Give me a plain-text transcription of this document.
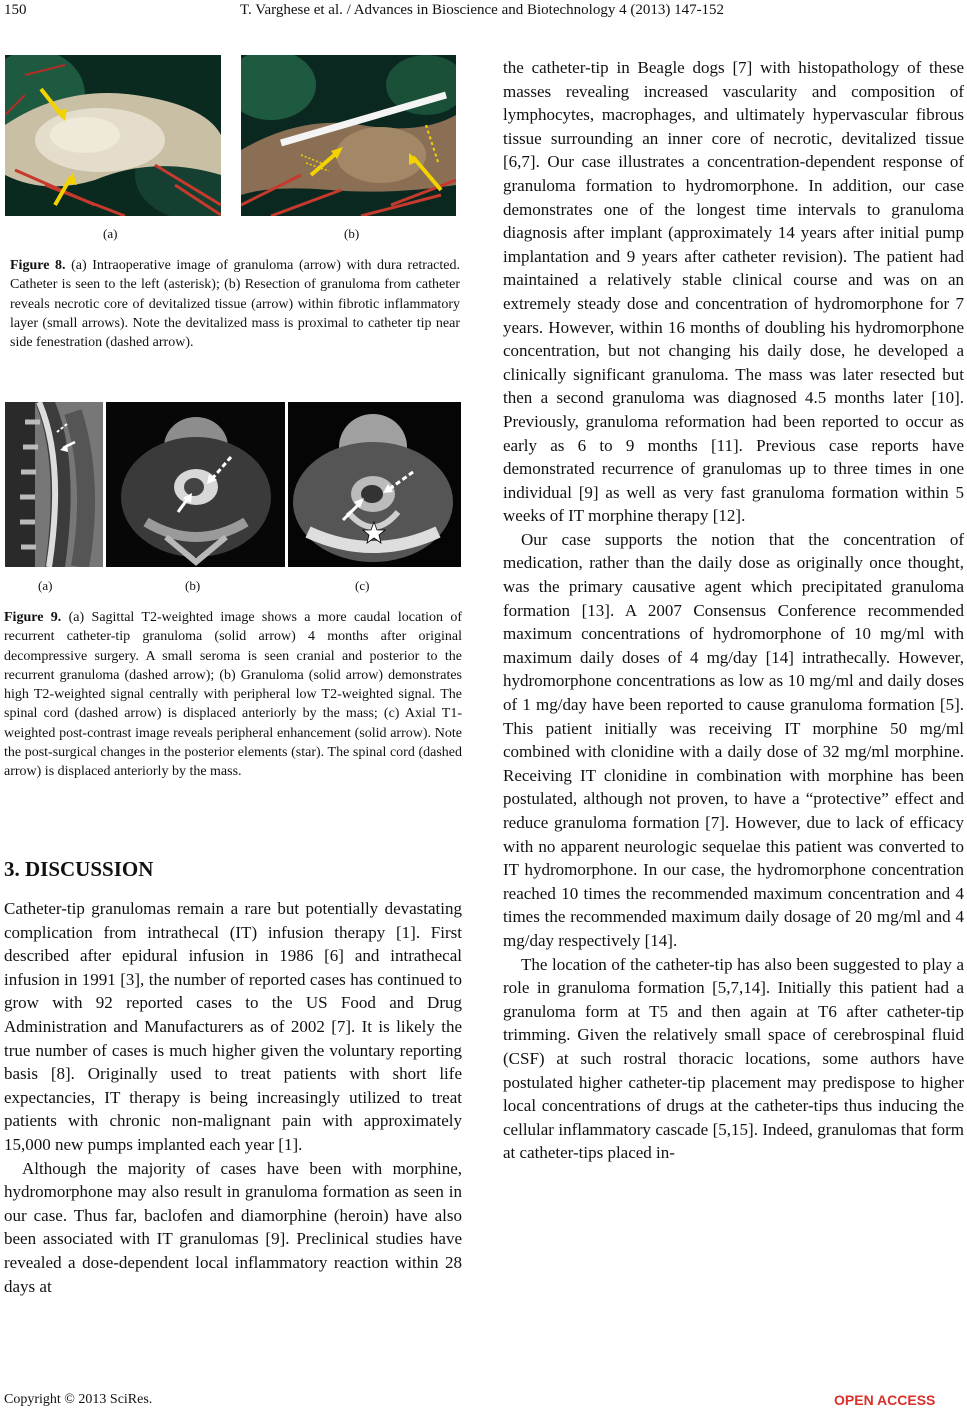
150	T. Varghese et al. / Advances in Bioscience and Biotechnology 4 (2013) 147-152
(a)	(b)
Figure 8. (a) Intraoperative image of granuloma (arrow) with dura retracted. Catheter is seen to the left (asterisk); (b) Resection of granuloma from catheter reveals necrotic core of devitalized tissue (arrow) within fibrotic inflammatory layer (small arrows). Note the devitalized mass is proximal to catheter tip near side fenestration (dashed arrow).
(a)	(b)	(c)
Figure 9. (a) Sagittal T2-weighted image shows a more caudal location of recurrent catheter-tip granuloma (solid arrow) 4 months after original decompressive surgery. A small seroma is seen cranial and posterior to the recurrent granuloma (dashed arrow); (b) Granuloma (solid arrow) demonstrates high T2-weighted signal centrally with peripheral low T2-weighted signal. The spinal cord (dashed arrow) is displaced anteriorly by the mass; (c) Axial T1-weighted post-contrast image reveals peripheral enhancement (solid arrow). Note the post-surgical changes in the posterior elements (star). The spinal cord (dashed arrow) is displaced anteriorly by the mass.
3. DISCUSSION

Catheter-tip granulomas remain a rare but potentially devastating complication from intrathecal (IT) infusion therapy [1]. First described after epidural infusion in 1986 [6] and intrathecal infusion in 1991 [3], the number of reported cases has continued to grow with 92 reported cases to the US Food and Drug Administration and Manufacturers as of 2002 [7]. It is likely the true number of cases is much higher given the voluntary reporting basis [8]. Originally used to treat patients with short life expectancies, IT therapy is being increasingly utilized to treat patients with chronic non-malignant pain with approximately 15,000 new pumps implanted each year [1].

Although the majority of cases have been with morphine, hydromorphone may also result in granuloma formation as seen in our case. Thus far, baclofen and diamorphine (heroin) have also been associated with IT granulomas [9]. Preclinical studies have revealed a dose-dependent local inflammatory reaction within 28 days at

the catheter-tip in Beagle dogs [7] with histopathology of these masses revealing increased vascularity and composition of lymphocytes, macrophages, and ultimately hypervascular fibrous tissue surrounding an inner core of necrotic, devitalized tissue [6,7]. Our case illustrates a concentration-dependent response of granuloma formation to hydromorphone. In addition, our case demonstrates one of the longest time intervals to granuloma diagnosis after implant (approximately 14 years after initial pump implantation and 9 years after catheter revision). The patient had maintained a relatively stable clinical course and was on an extremely steady dose and concentration of hydromorphone for 7 years. However, within 16 months of doubling his hydromorphone concentration, but not changing his daily dose, he developed a clinically significant granuloma. The mass was later resected but then a second granuloma was diagnosed 4.5 months later [10]. Previously, granuloma reformation had been reported to occur as early as 6 to 9 months [11]. Previous case reports have demonstrated recurrence of granulomas up to three times in one individual [9] as well as very fast granuloma formation within 5 weeks of IT morphine therapy [12].

Our case supports the notion that the concentration of medication, rather than the daily dose as originally once thought, was the primary causative agent which precipitated granuloma formation [13]. A 2007 Consensus Conference recommended maximum concentrations of hydromorphone of 10 mg/ml with maximum daily doses of 4 mg/day [14] intrathecally. However, hydromorphone concentrations as low as 10 mg/ml and daily doses of 1 mg/day have been reported to cause granuloma formation [5]. This patient initially was receiving IT morphine 50 mg/ml combined with clonidine with a daily dose of 32 mg/ml morphine. Receiving IT clonidine in combination with morphine has been postulated, although not proven, to have a “protective” effect and reduce granuloma formation [7]. However, due to lack of efficacy with no apparent neurologic sequelae this patient was converted to IT hydromorphone. In our case, the hydromorphone concentration reached 10 times the recommended maximum concentration and 4 times the recommended maximum daily dosage of 20 mg/ml and 4 mg/day respectively [14].

The location of the catheter-tip has also been suggested to play a role in granuloma formation [5,7,14]. Initially this patient had a granuloma form at T5 and then again at T6 after catheter-tip trimming. Given the relatively small space of cerebrospinal fluid (CSF) at such rostral thoracic locations, some authors have postulated higher catheter-tip placement may predispose to higher local concentrations of drugs at the catheter-tips thus inducing the cellular inflammatory cascade [5,15]. Indeed, granulomas that form at catheter-tips placed in-

Copyright © 2013 SciRes.	OPEN ACCESS
